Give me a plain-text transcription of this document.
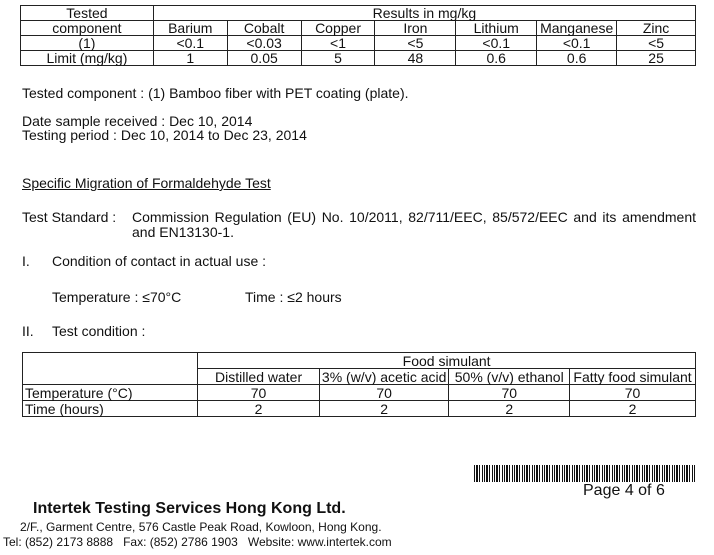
Tested	Results in mg/kg						
component	Barium	Cobalt	Copper	Iron	Lithium	Manganese	Zinc
(1)	<0.1	<0.03	<1	<5	<0.1	<0.1	<5
Limit (mg/kg)	1	0.05	5	48	0.6	0.6	25
Tested component : (1) Bamboo fiber with PET coating (plate).
Date sample received : Dec 10, 2014
Testing period : Dec 10, 2014 to Dec 23, 2014
Specific Migration of Formaldehyde Test
Test Standard : Commission Regulation (EU) No. 10/2011, 82/711/EEC, 85/572/EEC and its amendment
and EN13130-1.
I. Condition of contact in actual use :
Temperature : ≤70°C	Time : ≤2 hours
II. Test condition :
	Food simulant			
	Distilled water	3% (w/v) acetic acid	50% (v/v) ethanol	Fatty food simulant
Temperature (°C)	70	70	70	70
Time (hours)	2	2	2	2
Page 4 of 6
Intertek Testing Services Hong Kong Ltd.
2/F., Garment Centre, 576 Castle Peak Road, Kowloon, Hong Kong.
Tel: (852) 2173 8888   Fax: (852) 2786 1903   Website: www.intertek.com
